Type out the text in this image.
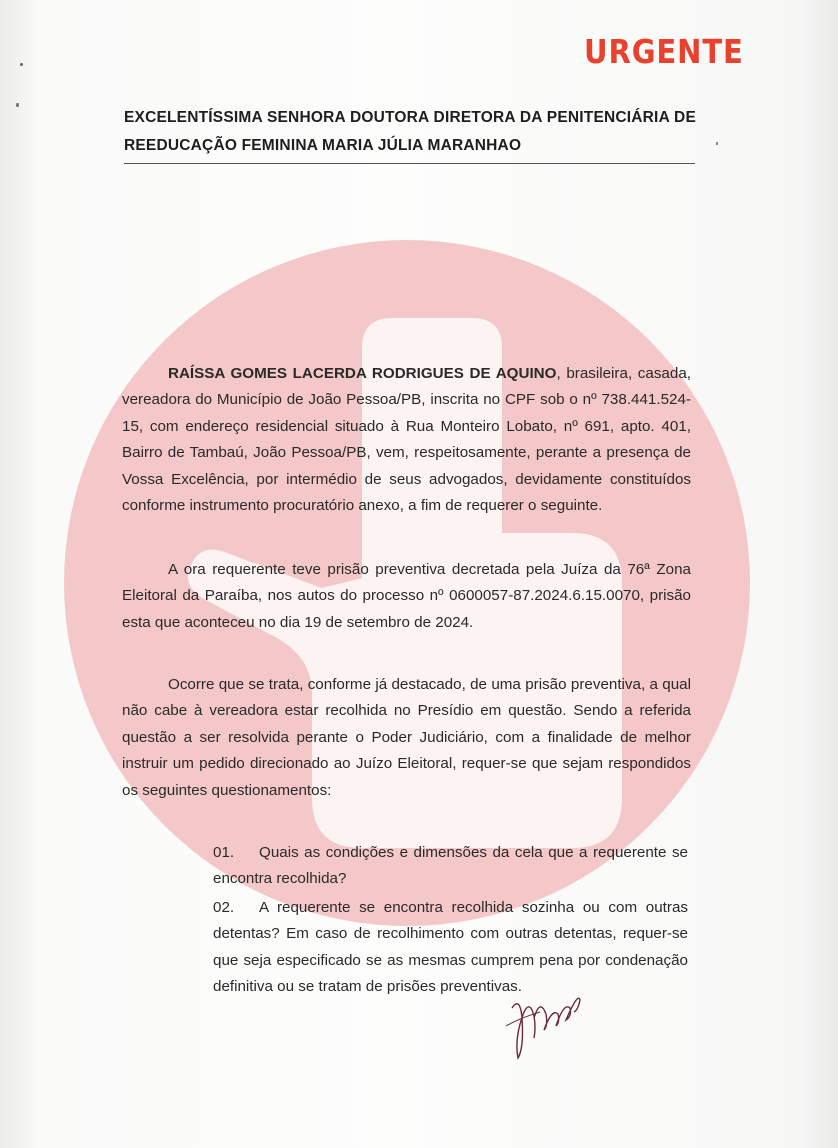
URGENTE
EXCELENTÍSSIMA SENHORA DOUTORA DIRETORA DA PENITENCIÁRIA DE REEDUCAÇÃO FEMININA MARIA JÚLIA MARANHAO
RAÍSSA GOMES LACERDA RODRIGUES DE AQUINO, brasileira, casada, vereadora do Município de João Pessoa/PB, inscrita no CPF sob o nº 738.441.524-15, com endereço residencial situado à Rua Monteiro Lobato, nº 691, apto. 401, Bairro de Tambaú, João Pessoa/PB, vem, respeitosamente, perante a presença de Vossa Excelência, por intermédio de seus advogados, devidamente constituídos conforme instrumento procuratório anexo, a fim de requerer o seguinte.
A ora requerente teve prisão preventiva decretada pela Juíza da 76ª Zona Eleitoral da Paraíba, nos autos do processo nº 0600057-87.2024.6.15.0070, prisão esta que aconteceu no dia 19 de setembro de 2024.
Ocorre que se trata, conforme já destacado, de uma prisão preventiva, a qual não cabe à vereadora estar recolhida no Presídio em questão. Sendo a referida questão a ser resolvida perante o Poder Judiciário, com a finalidade de melhor instruir um pedido direcionado ao Juízo Eleitoral, requer-se que sejam respondidos os seguintes questionamentos:
01. Quais as condições e dimensões da cela que a requerente se encontra recolhida?
02. A requerente se encontra recolhida sozinha ou com outras detentas? Em caso de recolhimento com outras detentas, requer-se que seja especificado se as mesmas cumprem pena por condenação definitiva ou se tratam de prisões preventivas.
